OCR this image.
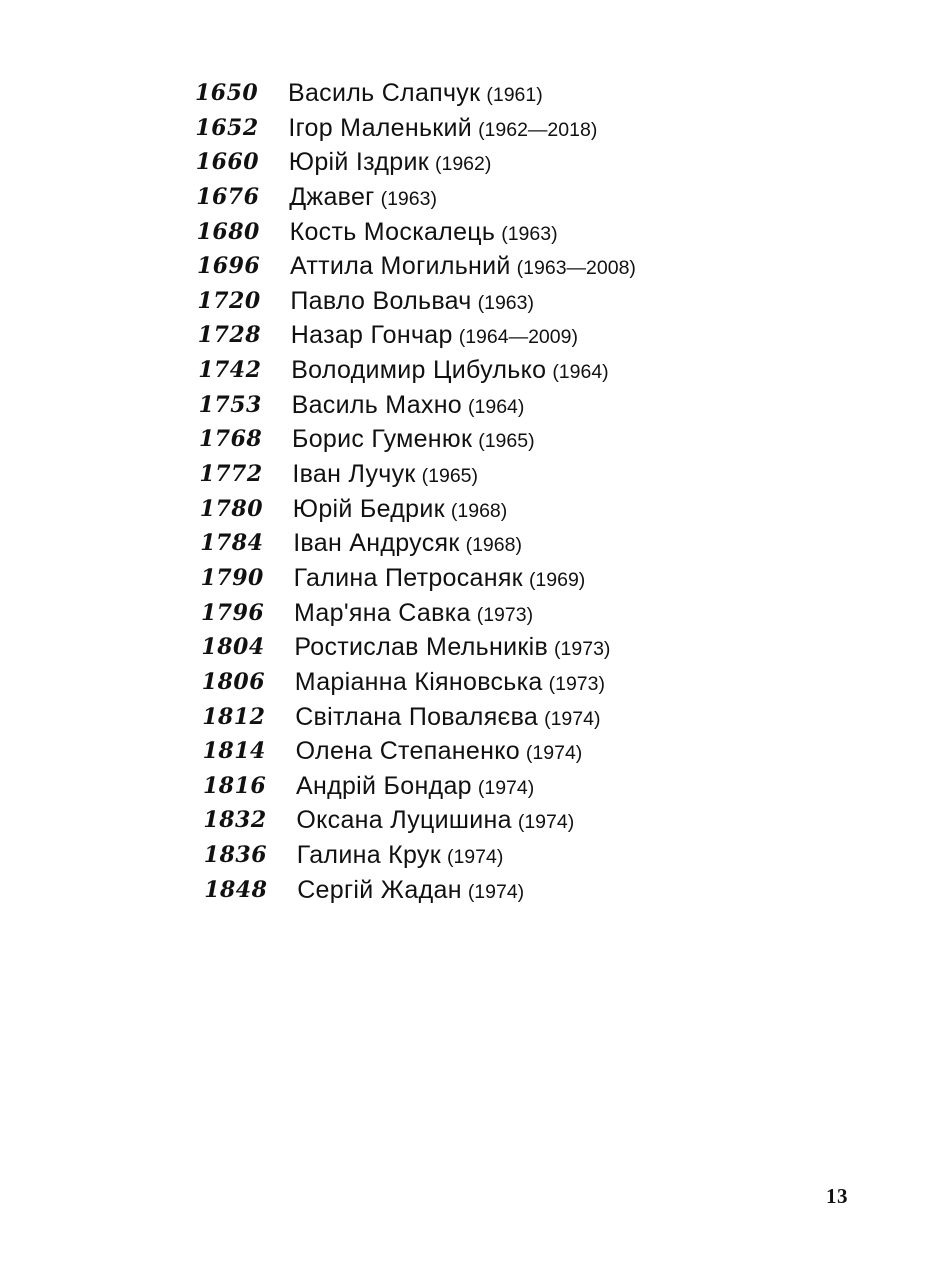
1650 Василь Слапчук (1961)
1652 Ігор Маленький (1962—2018)
1660 Юрій Іздрик (1962)
1676 Джавег (1963)
1680 Кость Москалець (1963)
1696 Аттила Могильний (1963—2008)
1720 Павло Вольвач (1963)
1728 Назар Гончар (1964—2009)
1742 Володимир Цибулько (1964)
1753 Василь Махно (1964)
1768 Борис Гуменюк (1965)
1772 Іван Лучук (1965)
1780 Юрій Бедрик (1968)
1784 Іван Андрусяк (1968)
1790 Галина Петросаняк (1969)
1796 Мар'яна Савка (1973)
1804 Ростислав Мельників (1973)
1806 Маріанна Кіяновська (1973)
1812 Світлана Поваляєва (1974)
1814 Олена Степаненко (1974)
1816 Андрій Бондар (1974)
1832 Оксана Луцишина (1974)
1836 Галина Крук (1974)
1848 Сергій Жадан (1974)
13
